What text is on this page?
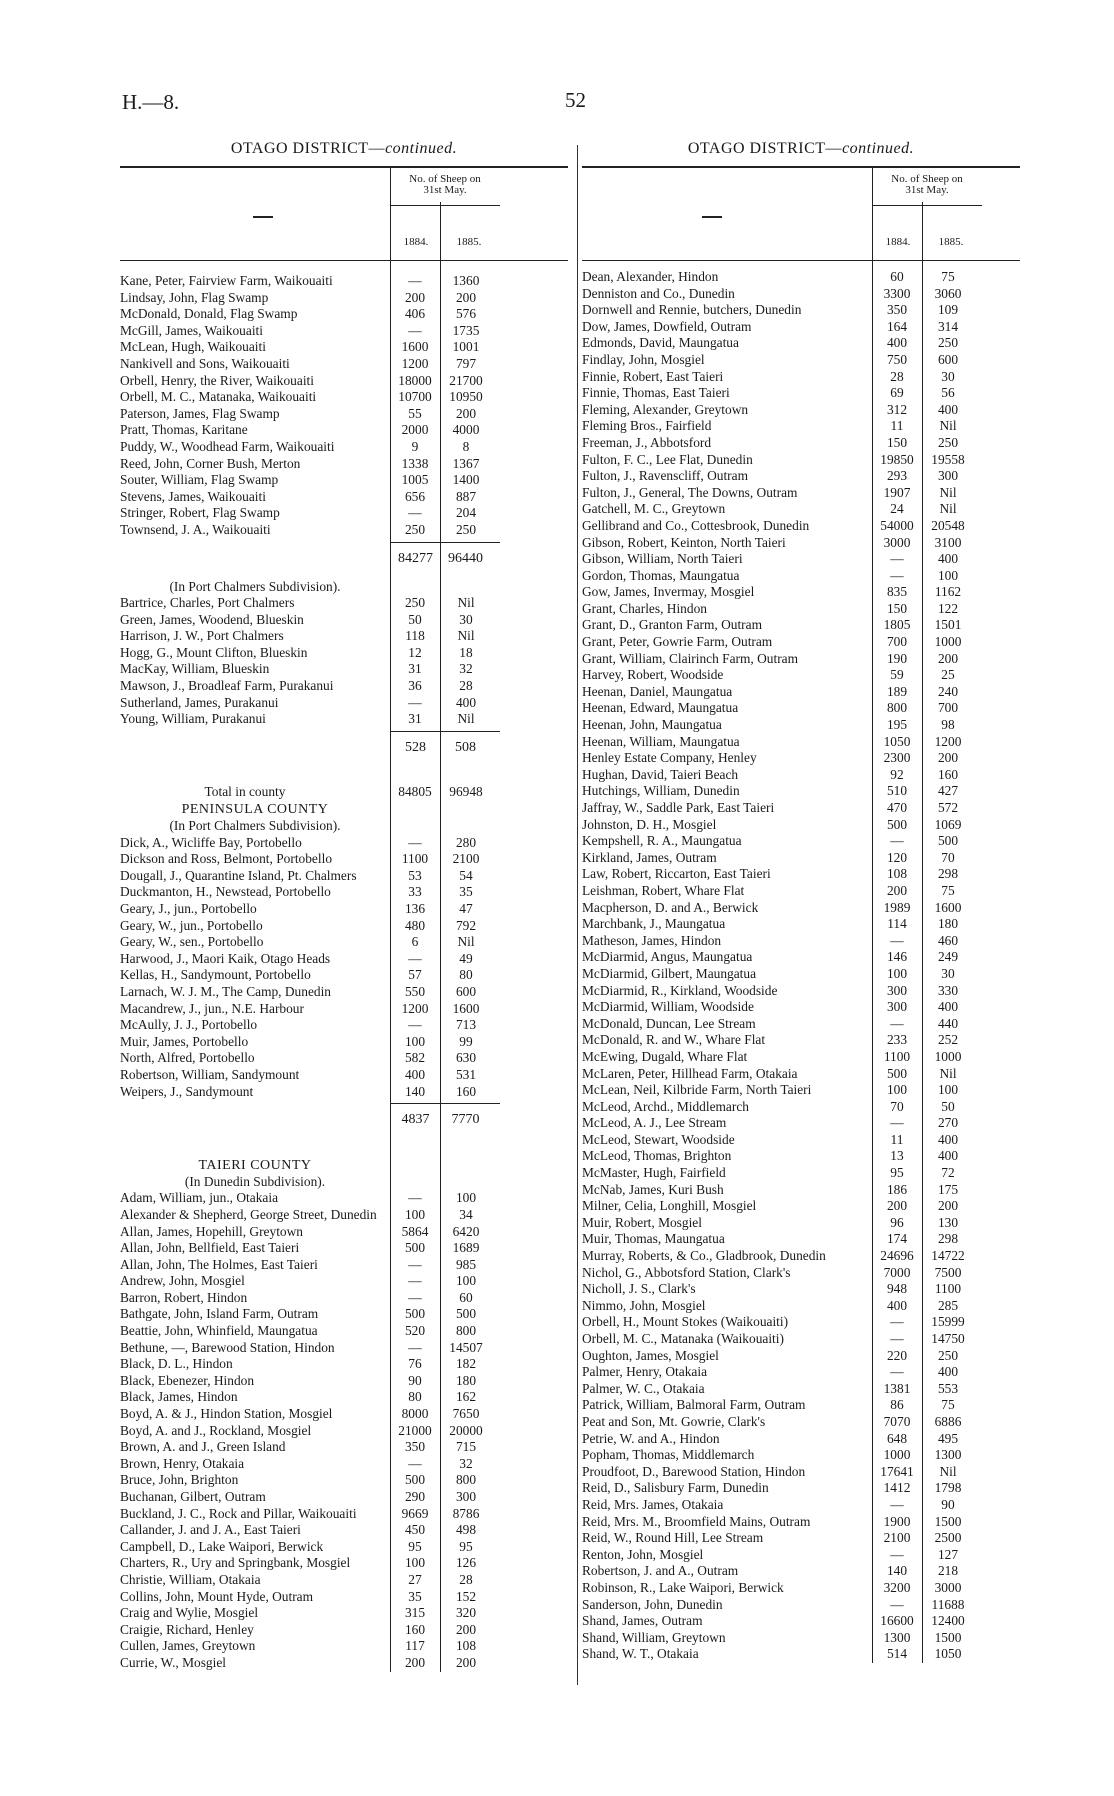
H.—8.	52
OTAGO DISTRICT—continued.
No. of Sheep on
31st May.
1884.	1885.
Kane, Peter, Fairview Farm, Waikouaiti	—	1360
Lindsay, John, Flag Swamp	200	200
McDonald, Donald, Flag Swamp	406	576
McGill, James, Waikouaiti	—	1735
McLean, Hugh, Waikouaiti	1600	1001
Nankivell and Sons, Waikouaiti	1200	797
Orbell, Henry, the River, Waikouaiti	18000	21700
Orbell, M. C., Matanaka, Waikouaiti	10700	10950
Paterson, James, Flag Swamp	55	200
Pratt, Thomas, Karitane	2000	4000
Puddy, W., Woodhead Farm, Waikouaiti	9	8
Reed, John, Corner Bush, Merton	1338	1367
Souter, William, Flag Swamp	1005	1400
Stevens, James, Waikouaiti	656	887
Stringer, Robert, Flag Swamp	—	204
Townsend, J. A., Waikouaiti	250	250
84277	96440
(In Port Chalmers Subdivision).
Bartrice, Charles, Port Chalmers	250	Nil
Green, James, Woodend, Blueskin	50	30
Harrison, J. W., Port Chalmers	118	Nil
Hogg, G., Mount Clifton, Blueskin	12	18
MacKay, William, Blueskin	31	32
Mawson, J., Broadleaf Farm, Purakanui	36	28
Sutherland, James, Purakanui	—	400
Young, William, Purakanui	31	Nil
528	508
Total in county	84805	96948
PENINSULA COUNTY
(In Port Chalmers Subdivision).
Dick, A., Wicliffe Bay, Portobello	—	280
Dickson and Ross, Belmont, Portobello	1100	2100
Dougall, J., Quarantine Island, Pt. Chalmers	53	54
Duckmanton, H., Newstead, Portobello	33	35
Geary, J., jun., Portobello	136	47
Geary, W., jun., Portobello	480	792
Geary, W., sen., Portobello	6	Nil
Harwood, J., Maori Kaik, Otago Heads	—	49
Kellas, H., Sandymount, Portobello	57	80
Larnach, W. J. M., The Camp, Dunedin	550	600
Macandrew, J., jun., N.E. Harbour	1200	1600
McAully, J. J., Portobello	—	713
Muir, James, Portobello	100	99
North, Alfred, Portobello	582	630
Robertson, William, Sandymount	400	531
Weipers, J., Sandymount	140	160
4837	7770
TAIERI COUNTY
(In Dunedin Subdivision).
Adam, William, jun., Otakaia	—	100
Alexander & Shepherd, George Street, Dunedin	100	34
Allan, James, Hopehill, Greytown	5864	6420
Allan, John, Bellfield, East Taieri	500	1689
Allan, John, The Holmes, East Taieri	—	985
Andrew, John, Mosgiel	—	100
Barron, Robert, Hindon	—	60
Bathgate, John, Island Farm, Outram	500	500
Beattie, John, Whinfield, Maungatua	520	800
Bethune, —, Barewood Station, Hindon	—	14507
Black, D. L., Hindon	76	182
Black, Ebenezer, Hindon	90	180
Black, James, Hindon	80	162
Boyd, A. & J., Hindon Station, Mosgiel	8000	7650
Boyd, A. and J., Rockland, Mosgiel	21000	20000
Brown, A. and J., Green Island	350	715
Brown, Henry, Otakaia	—	32
Bruce, John, Brighton	500	800
Buchanan, Gilbert, Outram	290	300
Buckland, J. C., Rock and Pillar, Waikouaiti	9669	8786
Callander, J. and J. A., East Taieri	450	498
Campbell, D., Lake Waipori, Berwick	95	95
Charters, R., Ury and Springbank, Mosgiel	100	126
Christie, William, Otakaia	27	28
Collins, John, Mount Hyde, Outram	35	152
Craig and Wylie, Mosgiel	315	320
Craigie, Richard, Henley	160	200
Cullen, James, Greytown	117	108
Currie, W., Mosgiel	200	200
OTAGO DISTRICT—continued.
No. of Sheep on
31st May.
1884.	1885.
Dean, Alexander, Hindon	60	75
Denniston and Co., Dunedin	3300	3060
Dornwell and Rennie, butchers, Dunedin	350	109
Dow, James, Dowfield, Outram	164	314
Edmonds, David, Maungatua	400	250
Findlay, John, Mosgiel	750	600
Finnie, Robert, East Taieri	28	30
Finnie, Thomas, East Taieri	69	56
Fleming, Alexander, Greytown	312	400
Fleming Bros., Fairfield	11	Nil
Freeman, J., Abbotsford	150	250
Fulton, F. C., Lee Flat, Dunedin	19850	19558
Fulton, J., Ravenscliff, Outram	293	300
Fulton, J., General, The Downs, Outram	1907	Nil
Gatchell, M. C., Greytown	24	Nil
Gellibrand and Co., Cottesbrook, Dunedin	54000	20548
Gibson, Robert, Keinton, North Taieri	3000	3100
Gibson, William, North Taieri	—	400
Gordon, Thomas, Maungatua	—	100
Gow, James, Invermay, Mosgiel	835	1162
Grant, Charles, Hindon	150	122
Grant, D., Granton Farm, Outram	1805	1501
Grant, Peter, Gowrie Farm, Outram	700	1000
Grant, William, Clairinch Farm, Outram	190	200
Harvey, Robert, Woodside	59	25
Heenan, Daniel, Maungatua	189	240
Heenan, Edward, Maungatua	800	700
Heenan, John, Maungatua	195	98
Heenan, William, Maungatua	1050	1200
Henley Estate Company, Henley	2300	200
Hughan, David, Taieri Beach	92	160
Hutchings, William, Dunedin	510	427
Jaffray, W., Saddle Park, East Taieri	470	572
Johnston, D. H., Mosgiel	500	1069
Kempshell, R. A., Maungatua	—	500
Kirkland, James, Outram	120	70
Law, Robert, Riccarton, East Taieri	108	298
Leishman, Robert, Whare Flat	200	75
Macpherson, D. and A., Berwick	1989	1600
Marchbank, J., Maungatua	114	180
Matheson, James, Hindon	—	460
McDiarmid, Angus, Maungatua	146	249
McDiarmid, Gilbert, Maungatua	100	30
McDiarmid, R., Kirkland, Woodside	300	330
McDiarmid, William, Woodside	300	400
McDonald, Duncan, Lee Stream	—	440
McDonald, R. and W., Whare Flat	233	252
McEwing, Dugald, Whare Flat	1100	1000
McLaren, Peter, Hillhead Farm, Otakaia	500	Nil
McLean, Neil, Kilbride Farm, North Taieri	100	100
McLeod, Archd., Middlemarch	70	50
McLeod, A. J., Lee Stream	—	270
McLeod, Stewart, Woodside	11	400
McLeod, Thomas, Brighton	13	400
McMaster, Hugh, Fairfield	95	72
McNab, James, Kuri Bush	186	175
Milner, Celia, Longhill, Mosgiel	200	200
Muir, Robert, Mosgiel	96	130
Muir, Thomas, Maungatua	174	298
Murray, Roberts, & Co., Gladbrook, Dunedin	24696	14722
Nichol, G., Abbotsford Station, Clark's	7000	7500
Nicholl, J. S., Clark's	948	1100
Nimmo, John, Mosgiel	400	285
Orbell, H., Mount Stokes (Waikouaiti)	—	15999
Orbell, M. C., Matanaka (Waikouaiti)	—	14750
Oughton, James, Mosgiel	220	250
Palmer, Henry, Otakaia	—	400
Palmer, W. C., Otakaia	1381	553
Patrick, William, Balmoral Farm, Outram	86	75
Peat and Son, Mt. Gowrie, Clark's	7070	6886
Petrie, W. and A., Hindon	648	495
Popham, Thomas, Middlemarch	1000	1300
Proudfoot, D., Barewood Station, Hindon	17641	Nil
Reid, D., Salisbury Farm, Dunedin	1412	1798
Reid, Mrs. James, Otakaia	—	90
Reid, Mrs. M., Broomfield Mains, Outram	1900	1500
Reid, W., Round Hill, Lee Stream	2100	2500
Renton, John, Mosgiel	—	127
Robertson, J. and A., Outram	140	218
Robinson, R., Lake Waipori, Berwick	3200	3000
Sanderson, John, Dunedin	—	11688
Shand, James, Outram	16600	12400
Shand, William, Greytown	1300	1500
Shand, W. T., Otakaia	514	1050
